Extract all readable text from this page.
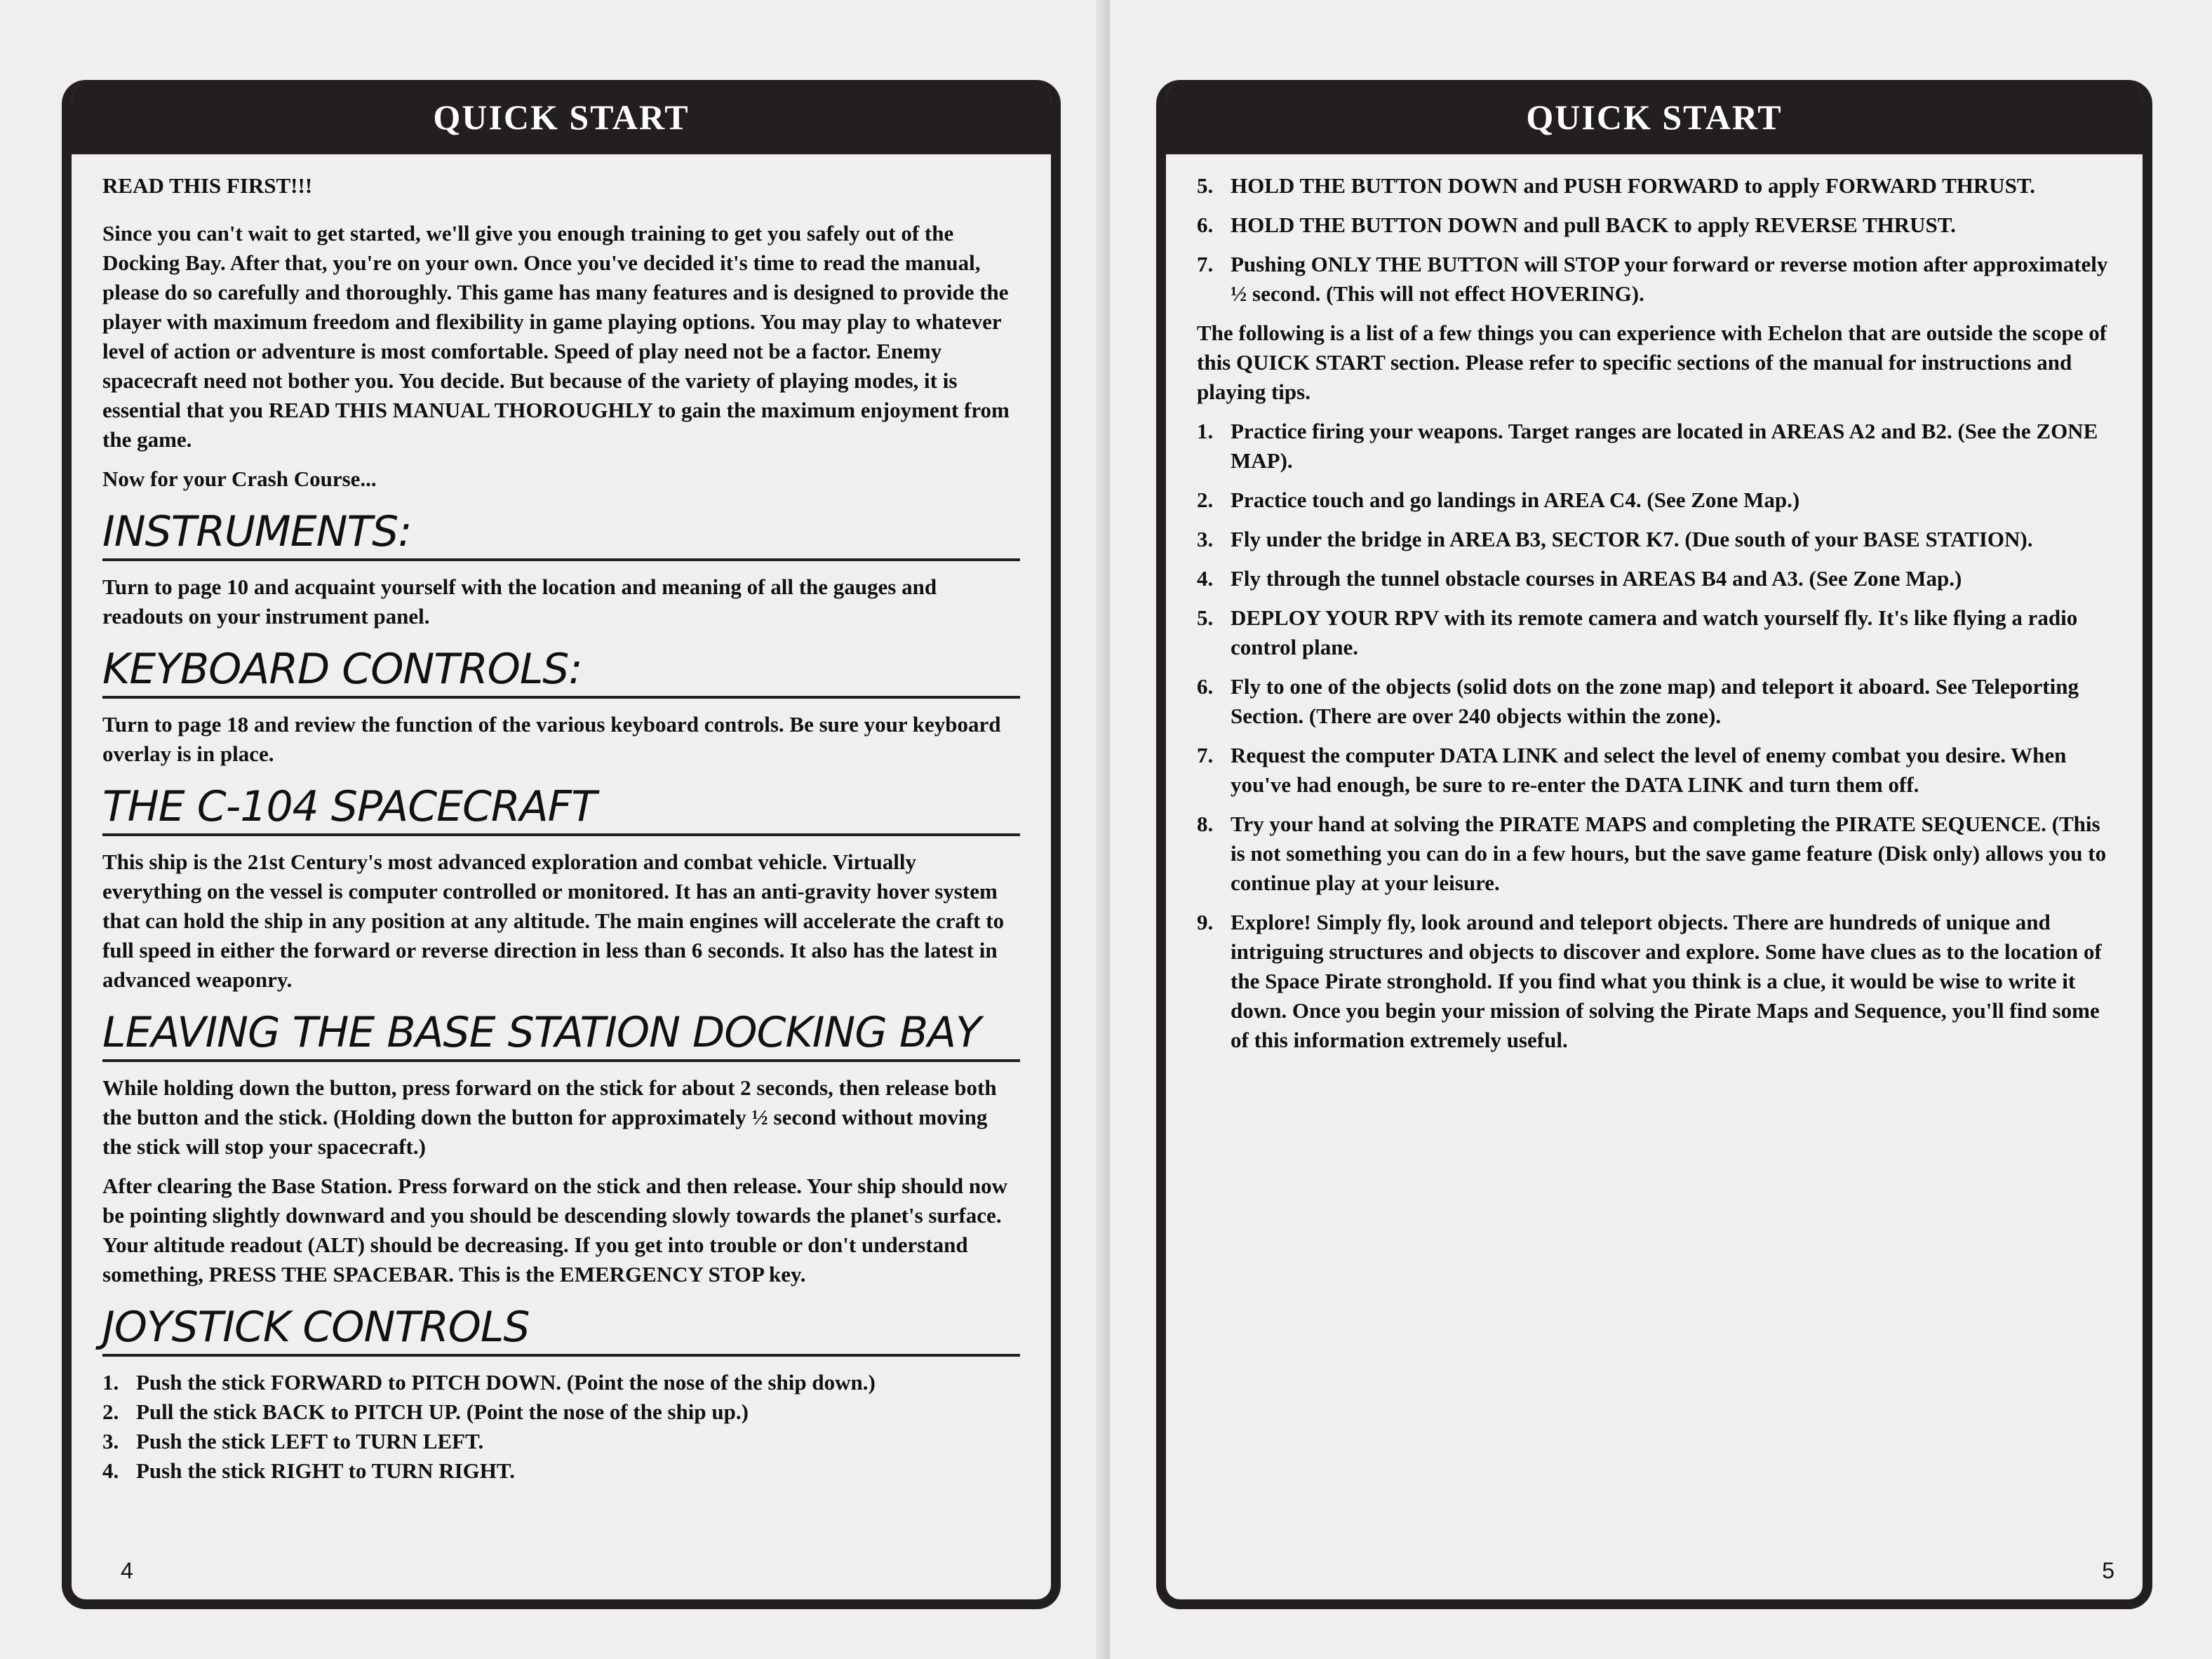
QUICK START

READ THIS FIRST!!!

Since you can't wait to get started, we'll give you enough training to get you safely out of the Docking Bay. After that, you're on your own. Once you've decided it's time to read the manual, please do so carefully and thoroughly. This game has many features and is designed to provide the player with maximum freedom and flexibility in game playing options. You may play to whatever level of action or adventure is most comfortable. Speed of play need not be a factor. Enemy spacecraft need not bother you. You decide. But because of the variety of playing modes, it is essential that you READ THIS MANUAL THOROUGHLY to gain the maximum enjoyment from the game.

Now for your Crash Course...

INSTRUMENTS:

Turn to page 10 and acquaint yourself with the location and meaning of all the gauges and readouts on your instrument panel.

KEYBOARD CONTROLS:

Turn to page 18 and review the function of the various keyboard controls. Be sure your keyboard overlay is in place.

THE C-104 SPACECRAFT

This ship is the 21st Century's most advanced exploration and combat vehicle. Virtually everything on the vessel is computer controlled or monitored. It has an anti-gravity hover system that can hold the ship in any position at any altitude. The main engines will accelerate the craft to full speed in either the forward or reverse direction in less than 6 seconds. It also has the latest in advanced weaponry.

LEAVING THE BASE STATION DOCKING BAY

While holding down the button, press forward on the stick for about 2 seconds, then release both the button and the stick. (Holding down the button for approximately ½ second without moving the stick will stop your spacecraft.)

After clearing the Base Station. Press forward on the stick and then release. Your ship should now be pointing slightly downward and you should be descending slowly towards the planet's surface. Your altitude readout (ALT) should be decreasing. If you get into trouble or don't understand something, PRESS THE SPACEBAR. This is the EMERGENCY STOP key.

JOYSTICK CONTROLS
1. Push the stick FORWARD to PITCH DOWN. (Point the nose of the ship down.)
2. Pull the stick BACK to PITCH UP. (Point the nose of the ship up.)
3. Push the stick LEFT to TURN LEFT.
4. Push the stick RIGHT to TURN RIGHT.
4
QUICK START
5. HOLD THE BUTTON DOWN and PUSH FORWARD to apply FORWARD THRUST.
6. HOLD THE BUTTON DOWN and pull BACK to apply REVERSE THRUST.
7. Pushing ONLY THE BUTTON will STOP your forward or reverse motion after approximately ½ second. (This will not effect HOVERING).

The following is a list of a few things you can experience with Echelon that are outside the scope of this QUICK START section. Please refer to specific sections of the manual for instructions and playing tips.

1. Practice firing your weapons. Target ranges are located in AREAS A2 and B2. (See the ZONE MAP).
2. Practice touch and go landings in AREA C4. (See Zone Map.)
3. Fly under the bridge in AREA B3, SECTOR K7. (Due south of your BASE STATION).
4. Fly through the tunnel obstacle courses in AREAS B4 and A3. (See Zone Map.)
5. DEPLOY YOUR RPV with its remote camera and watch yourself fly. It's like flying a radio control plane.
6. Fly to one of the objects (solid dots on the zone map) and teleport it aboard. See Teleporting Section. (There are over 240 objects within the zone).
7. Request the computer DATA LINK and select the level of enemy combat you desire. When you've had enough, be sure to re-enter the DATA LINK and turn them off.
8. Try your hand at solving the PIRATE MAPS and completing the PIRATE SEQUENCE. (This is not something you can do in a few hours, but the save game feature (Disk only) allows you to continue play at your leisure.
9. Explore! Simply fly, look around and teleport objects. There are hundreds of unique and intriguing structures and objects to discover and explore. Some have clues as to the location of the Space Pirate stronghold. If you find what you think is a clue, it would be wise to write it down. Once you begin your mission of solving the Pirate Maps and Sequence, you'll find some of this information extremely useful.
5
